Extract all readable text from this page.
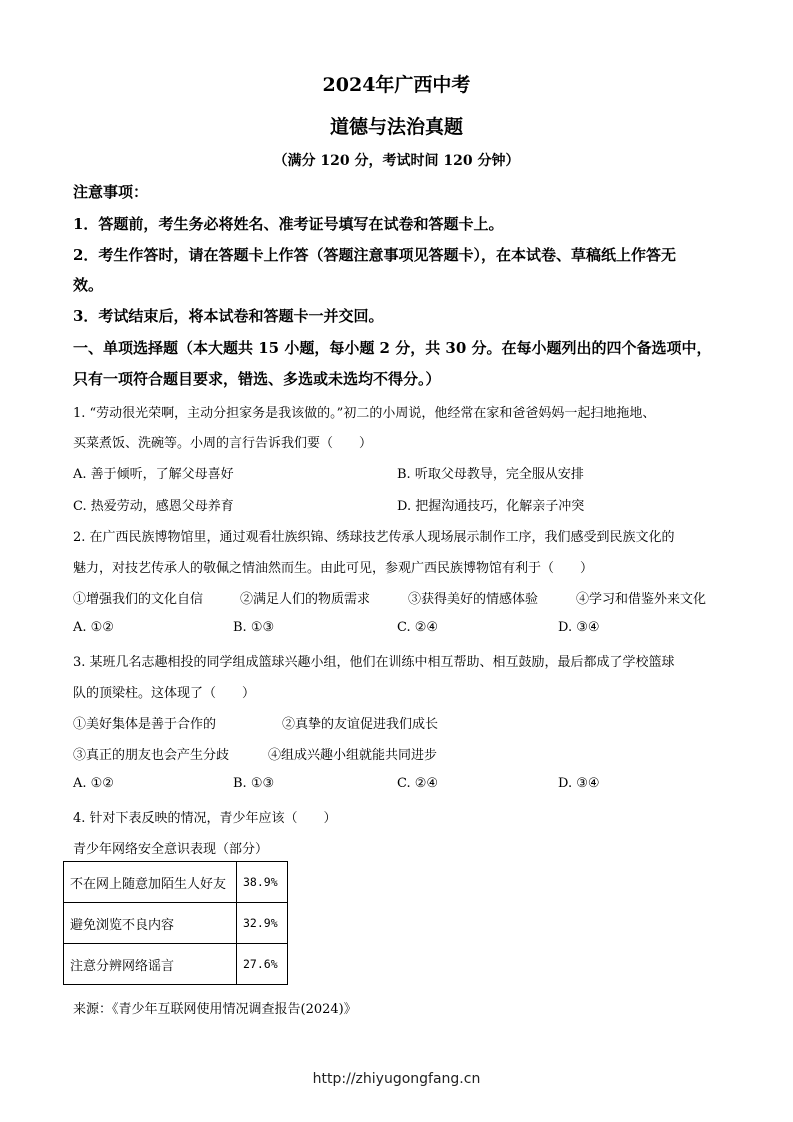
2024年广西中考
道德与法治真题
（满分 120 分，考试时间 120 分钟）
注意事项：
1．答题前，考生务必将姓名、准考证号填写在试卷和答题卡上。
2．考生作答时，请在答题卡上作答（答题注意事项见答题卡），在本试卷、草稿纸上作答无
效。
3．考试结束后，将本试卷和答题卡一并交回。
一、单项选择题（本大题共 15 小题，每小题 2 分，共 30 分。在每小题列出的四个备选项中，
只有一项符合题目要求，错选、多选或未选均不得分。）
1. “劳动很光荣啊，主动分担家务是我该做的。”初二的小周说，他经常在家和爸爸妈妈一起扫地拖地、
买菜煮饭、洗碗等。小周的言行告诉我们要（　　）
A. 善于倾听，了解父母喜好	B. 听取父母教导，完全服从安排
C. 热爱劳动，感恩父母养育	D. 把握沟通技巧，化解亲子冲突
2. 在广西民族博物馆里，通过观看壮族织锦、绣球技艺传承人现场展示制作工序，我们感受到民族文化的
魅力，对技艺传承人的敬佩之情油然而生。由此可见，参观广西民族博物馆有利于（　　）
①增强我们的文化自信	②满足人们的物质需求	③获得美好的情感体验	④学习和借鉴外来文化
A. ①②	B. ①③	C. ②④	D. ③④
3. 某班几名志趣相投的同学组成篮球兴趣小组，他们在训练中相互帮助、相互鼓励，最后都成了学校篮球
队的顶梁柱。这体现了（　　）
①美好集体是善于合作的	②真挚的友谊促进我们成长
③真正的朋友也会产生分歧	④组成兴趣小组就能共同进步
A. ①②	B. ①③	C. ②④	D. ③④
4. 针对下表反映的情况，青少年应该（　　）
青少年网络安全意识表现（部分）
不在网上随意加陌生人好友	38.9%
避免浏览不良内容	32.9%
注意分辨网络谣言	27.6%
来源：《青少年互联网使用情况调查报告(2024)》
http://zhiyugongfang.cn
